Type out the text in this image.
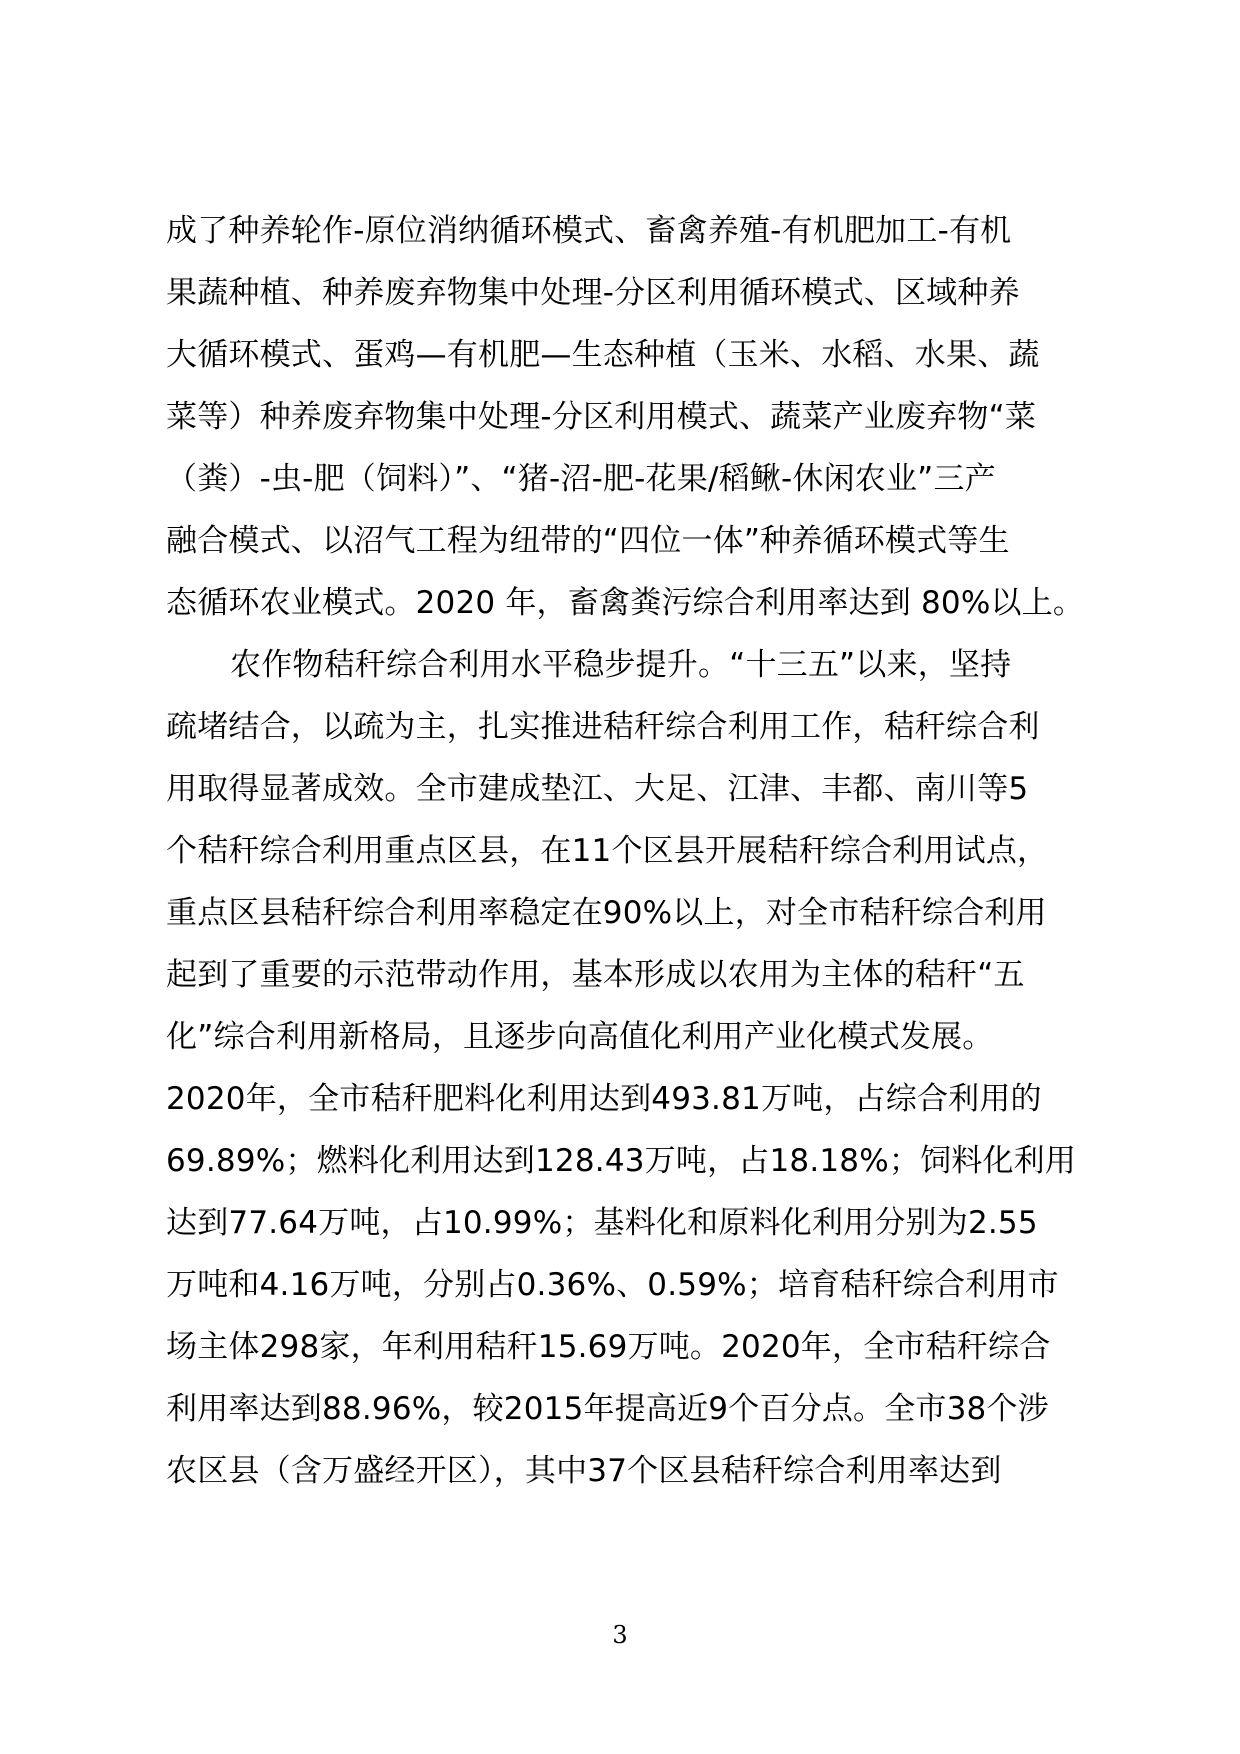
成了种养轮作-原位消纳循环模式、畜禽养殖-有机肥加工-有机
果蔬种植、种养废弃物集中处理-分区利用循环模式、区域种养
大循环模式、蛋鸡—有机肥—生态种植（玉米、水稻、水果、蔬
菜等）种养废弃物集中处理-分区利用模式、蔬菜产业废弃物“菜
（粪）-虫-肥（饲料）”、“猪-沼-肥-花果/稻鳅-休闲农业”三产
融合模式、以沼气工程为纽带的“四位一体”种养循环模式等生
态循环农业模式。2020 年，畜禽粪污综合利用率达到 80%以上。
农作物秸秆综合利用水平稳步提升。“十三五”以来，坚持
疏堵结合，以疏为主，扎实推进秸秆综合利用工作，秸秆综合利
用取得显著成效。全市建成垫江、大足、江津、丰都、南川等5
个秸秆综合利用重点区县，在11个区县开展秸秆综合利用试点，
重点区县秸秆综合利用率稳定在90%以上，对全市秸秆综合利用
起到了重要的示范带动作用，基本形成以农用为主体的秸秆“五
化”综合利用新格局，且逐步向高值化利用产业化模式发展。
2020年，全市秸秆肥料化利用达到493.81万吨，占综合利用的
69.89%；燃料化利用达到128.43万吨，占18.18%；饲料化利用
达到77.64万吨，占10.99%；基料化和原料化利用分别为2.55
万吨和4.16万吨，分别占0.36%、0.59%；培育秸秆综合利用市
场主体298家，年利用秸秆15.69万吨。2020年，全市秸秆综合
利用率达到88.96%，较2015年提高近9个百分点。全市38个涉
农区县（含万盛经开区），其中37个区县秸秆综合利用率达到
3
